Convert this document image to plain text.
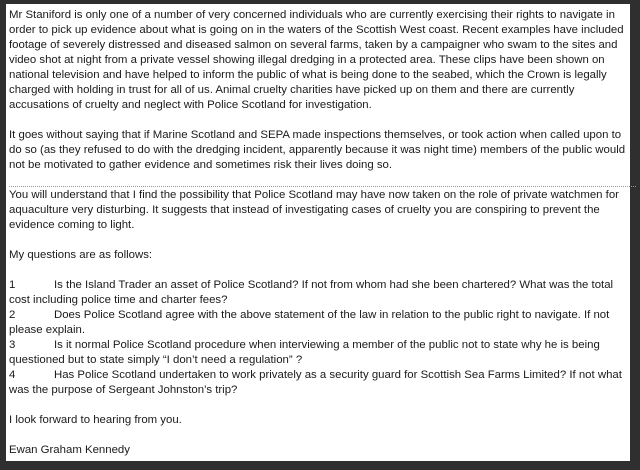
Mr Staniford is only one of a number of very concerned individuals who are currently exercising their rights to navigate in order to pick up evidence about what is going on in the waters of the Scottish West coast. Recent examples have included footage of severely distressed and diseased salmon on several farms, taken by a campaigner who swam to the sites and video shot at night from a private vessel showing illegal dredging in a protected area. These clips have been shown on national television and have helped to inform the public of what is being done to the seabed, which the Crown is legally charged with holding in trust for all of us. Animal cruelty charities have picked up on them and there are currently accusations of cruelty and neglect with Police Scotland for investigation.

It goes without saying that if Marine Scotland and SEPA made inspections themselves, or took action when called upon to do so (as they refused to do with the dredging incident, apparently because it was night time) members of the public would not be motivated to gather evidence and sometimes risk their lives doing so.

You will understand that I find the possibility that Police Scotland may have now taken on the role of private watchmen for aquaculture very disturbing. It suggests that instead of investigating cases of cruelty you are conspiring to prevent the evidence coming to light.

My questions are as follows:

1	Is the Island Trader an asset of Police Scotland? If not from whom had she been chartered? What was the total cost including police time and charter fees?

2	Does Police Scotland agree with the above statement of the law in relation to the public right to navigate. If not please explain.

3	Is it normal Police Scotland procedure when interviewing a member of the public not to state why he is being questioned but to state simply “I don’t need a regulation” ?

4	Has Police Scotland undertaken to work privately as a security guard for Scottish Sea Farms Limited? If not what was the purpose of Sergeant Johnston’s trip?

I look forward to hearing from you.

Ewan Graham Kennedy
